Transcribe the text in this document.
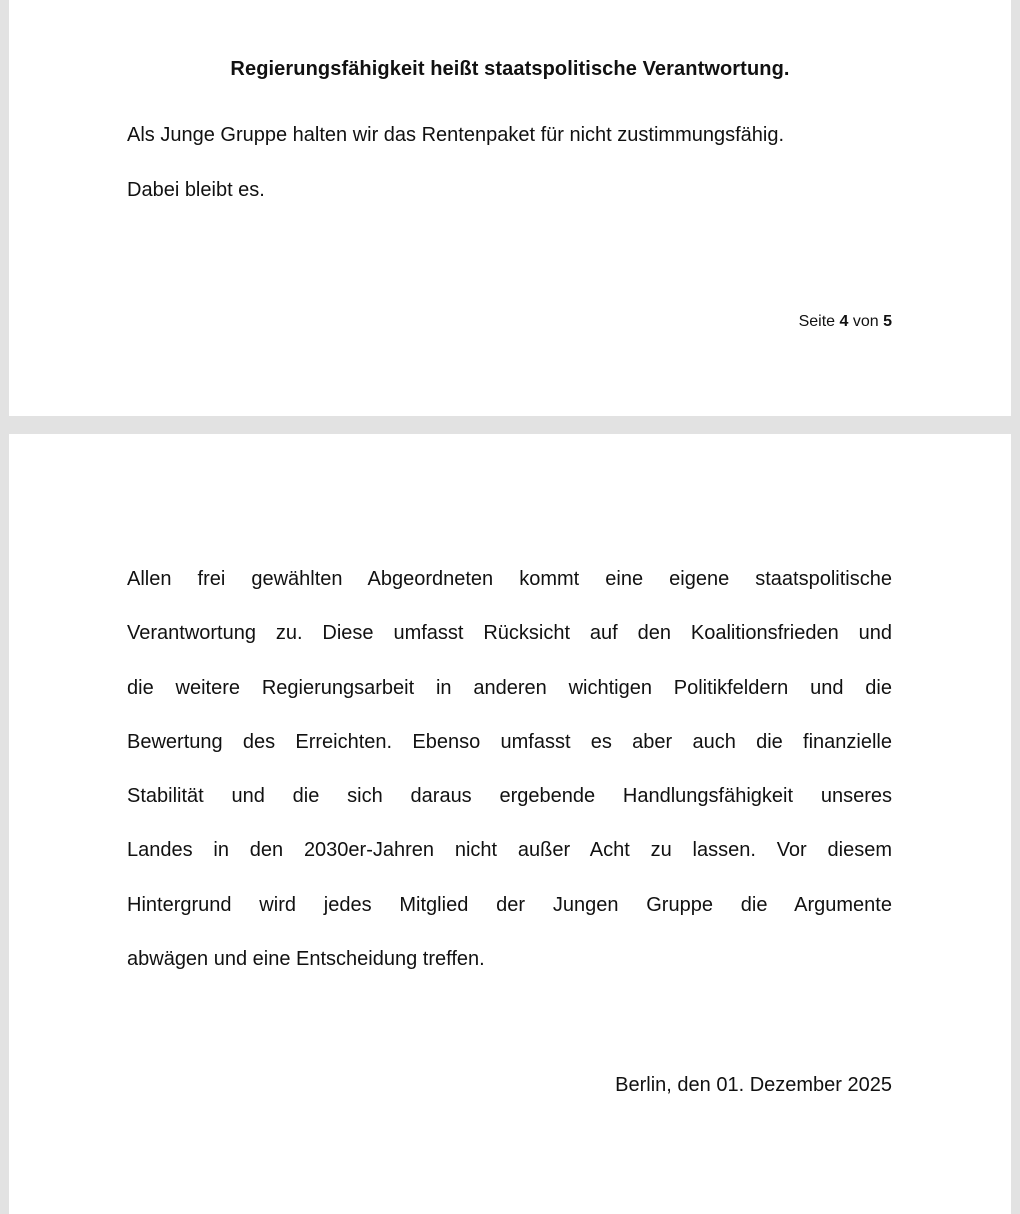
Regierungsfähigkeit heißt staatspolitische Verantwortung.
Als Junge Gruppe halten wir das Rentenpaket für nicht zustimmungsfähig.
Dabei bleibt es.
Seite 4 von 5
Allen frei gewählten Abgeordneten kommt eine eigene staatspolitische
Verantwortung zu. Diese umfasst Rücksicht auf den Koalitionsfrieden und
die weitere Regierungsarbeit in anderen wichtigen Politikfeldern und die
Bewertung des Erreichten. Ebenso umfasst es aber auch die finanzielle
Stabilität und die sich daraus ergebende Handlungsfähigkeit unseres
Landes in den 2030er-Jahren nicht außer Acht zu lassen. Vor diesem
Hintergrund wird jedes Mitglied der Jungen Gruppe die Argumente
abwägen und eine Entscheidung treffen.
Berlin, den 01. Dezember 2025
